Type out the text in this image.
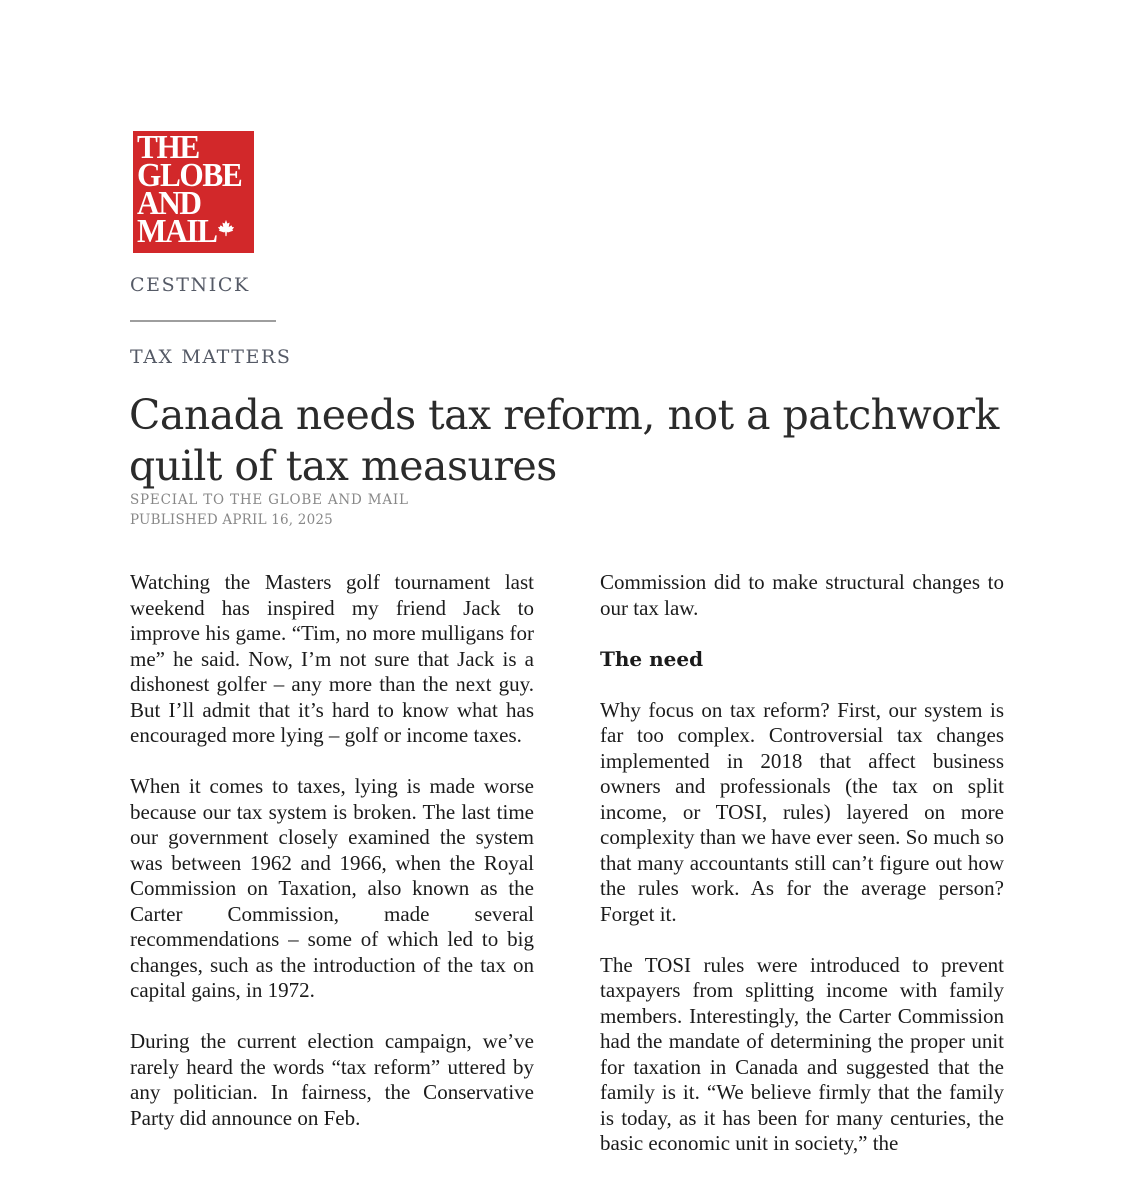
THE
GLOBE
AND
MAIL
CESTNICK
TAX MATTERS
Canada needs tax reform, not a patchwork quilt of tax measures
SPECIAL TO THE GLOBE AND MAIL
PUBLISHED APRIL 16, 2025

Watching the Masters golf tournament last weekend has inspired my friend Jack to improve his game. “Tim, no more mulligans for me” he said. Now, I’m not sure that Jack is a dishonest golfer – any more than the next guy. But I’ll admit that it’s hard to know what has encouraged more lying – golf or income taxes.

When it comes to taxes, lying is made worse because our tax system is broken. The last time our government closely examined the system was between 1962 and 1966, when the Royal Commission on Taxation, also known as the Carter Commission, made several recommendations – some of which led to big changes, such as the introduction of the tax on capital gains, in 1972.

During the current election campaign, we’ve rarely heard the words “tax reform” uttered by any politician. In fairness, the Conservative Party did announce on Feb.

Commission did to make structural changes to our tax law.

The need

Why focus on tax reform? First, our system is far too complex. Controversial tax changes implemented in 2018 that affect business owners and professionals (the tax on split income, or TOSI, rules) layered on more complexity than we have ever seen. So much so that many accountants still can’t figure out how the rules work. As for the average person? Forget it.

The TOSI rules were introduced to prevent taxpayers from splitting income with family members. Interestingly, the Carter Commission had the mandate of determining the proper unit for taxation in Canada and suggested that the family is it. “We believe firmly that the family is today, as it has been for many centuries, the basic economic unit in society,” the
